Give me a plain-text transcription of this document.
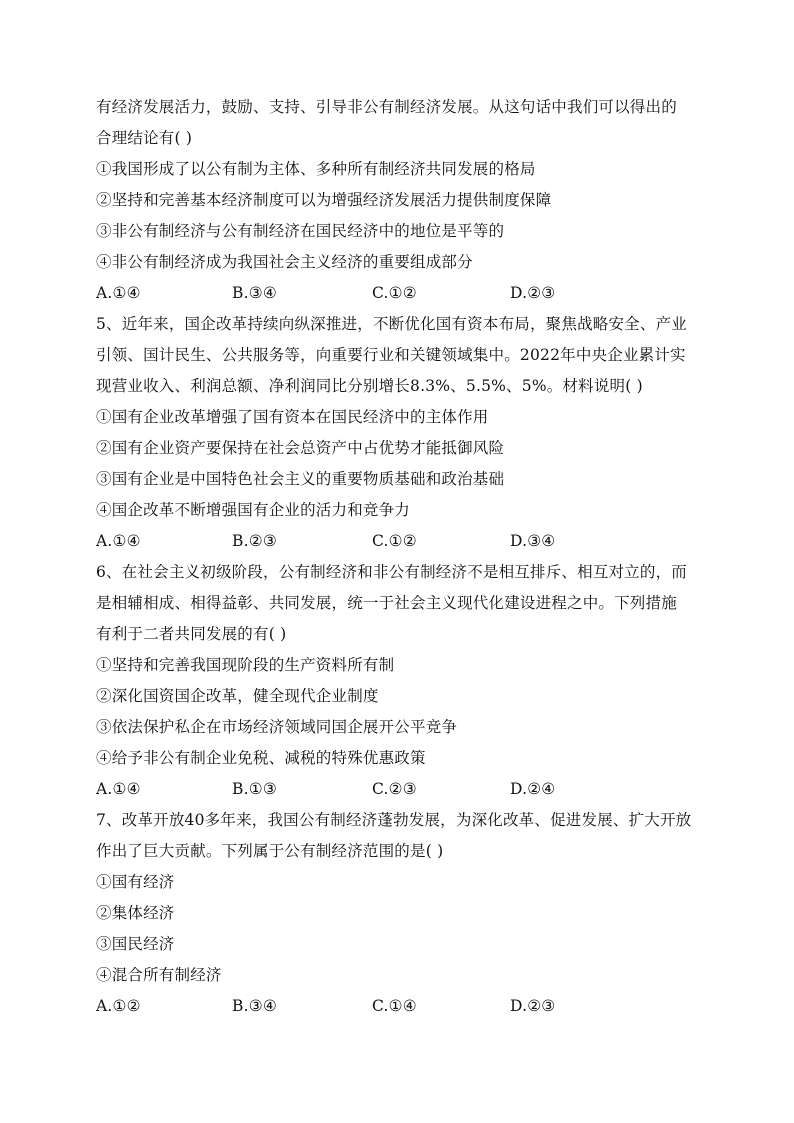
有经济发展活力，鼓励、支持、引导非公有制经济发展。从这句话中我们可以得出的
合理结论有( )
①我国形成了以公有制为主体、多种所有制经济共同发展的格局
②坚持和完善基本经济制度可以为增强经济发展活力提供制度保障
③非公有制经济与公有制经济在国民经济中的地位是平等的
④非公有制经济成为我国社会主义经济的重要组成部分
A.①④	B.③④	C.①②	D.②③
5、近年来，国企改革持续向纵深推进，不断优化国有资本布局，聚焦战略安全、产业
引领、国计民生、公共服务等，向重要行业和关键领域集中。2022年中央企业累计实
现营业收入、利润总额、净利润同比分别增长8.3%、5.5%、5%。材料说明( )
①国有企业改革增强了国有资本在国民经济中的主体作用
②国有企业资产要保持在社会总资产中占优势才能抵御风险
③国有企业是中国特色社会主义的重要物质基础和政治基础
④国企改革不断增强国有企业的活力和竞争力
A.①④	B.②③	C.①②	D.③④
6、在社会主义初级阶段，公有制经济和非公有制经济不是相互排斥、相互对立的，而
是相辅相成、相得益彰、共同发展，统一于社会主义现代化建设进程之中。下列措施
有利于二者共同发展的有( )
①坚持和完善我国现阶段的生产资料所有制
②深化国资国企改革，健全现代企业制度
③依法保护私企在市场经济领域同国企展开公平竞争
④给予非公有制企业免税、减税的特殊优惠政策
A.①④	B.①③	C.②③	D.②④
7、改革开放40多年来，我国公有制经济蓬勃发展，为深化改革、促进发展、扩大开放
作出了巨大贡献。下列属于公有制经济范围的是( )
①国有经济
②集体经济
③国民经济
④混合所有制经济
A.①②	B.③④	C.①④	D.②③
